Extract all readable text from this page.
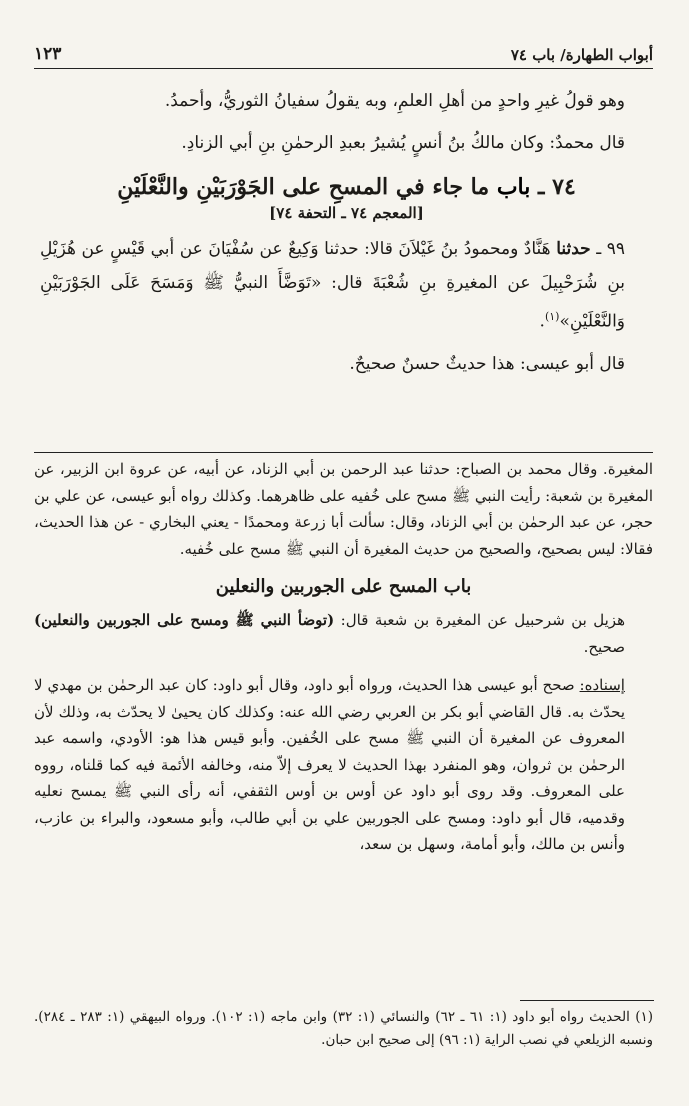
أبواب الطهارة/ باب ٧٤
١٢٣

وهو قولُ غيرِ واحدٍ من أهلِ العلمِ، وبه يقولُ سفيانُ الثوريُّ، وأحمدُ.

قال محمدٌ: وكان مالكُ بنُ أنسٍ يُشيرُ بعبدِ الرحمٰنِ بنِ أبي الزنادِ.

٧٤ ـ باب ما جاء في المسحِ على الجَوْرَبَيْنِ والنَّعْلَيْنِ
[المعجم ٧٤ ـ التحفة ٧٤]

٩٩ ـ حدثنا هَنَّادٌ ومحمودُ بنُ غَيْلاَنَ قالا: حدثنا وَكِيعٌ عن سُفْيَانَ عن أبي قَيْسٍ عن هُزَيْلِ بنِ شُرَحْبِيلَ عن المغيرةِ بنِ شُعْبَةَ قال: «تَوَضَّأَ النبيُّ ﷺ وَمَسَحَ عَلَى الجَوْرَبَيْنِ وَالنَّعْلَيْنِ»$^{(١)}$.

قال أبو عيسى: هذا حديثٌ حسنٌ صحيحٌ.

المغيرة. وقال محمد بن الصباح: حدثنا عبد الرحمن بن أبي الزناد، عن أبيه، عن عروة ابن الزبير، عن المغيرة بن شعبة: رأيت النبي ﷺ مسح على خُفيه على ظاهرهما. وكذلك رواه أبو عيسى، عن علي بن حجر، عن عبد الرحمٰن بن أبي الزناد، وقال: سألت أبا زرعة ومحمدًا - يعني البخاري - عن هذا الحديث، فقالا: ليس بصحيح، والصحيح من حديث المغيرة أن النبي ﷺ مسح على خُفيه.

باب المسح على الجوربين والنعلين

هزيل بن شرحبيل عن المغيرة بن شعبة قال: (توضأ النبي ﷺ ومسح على الجوربين والنعلين) صحيح.

إسناده: صحح أبو عيسى هذا الحديث، ورواه أبو داود، وقال أبو داود: كان عبد الرحمٰن بن مهدي لا يحدّث به. قال القاضي أبو بكر بن العربي رضي الله عنه: وكذلك كان يحيىٰ لا يحدّث به، وذلك لأن المعروف عن المغيرة أن النبي ﷺ مسح على الخُفين. وأبو قيس هذا هو: الأودي، واسمه عبد الرحمٰن بن ثروان، وهو المنفرد بهذا الحديث لا يعرف إلاّ منه، وخالفه الأئمة فيه كما قلناه، رووه على المعروف. وقد روى أبو داود عن أوس بن أوس الثقفي، أنه رأى النبي ﷺ يمسح نعليه وقدميه، قال أبو داود: ومسح على الجوربين علي بن أبي طالب، وأبو مسعود، والبراء بن عازب، وأنس بن مالك، وأبو أمامة، وسهل بن سعد،

(١) الحديث رواه أبو داود (١: ٦١ ـ ٦٢) والنسائي (١: ٣٢) وابن ماجه (١: ١٠٢). ورواه البيهقي (١: ٢٨٣ ـ ٢٨٤). ونسبه الزيلعي في نصب الراية (١: ٩٦) إلى صحيح ابن حبان.
